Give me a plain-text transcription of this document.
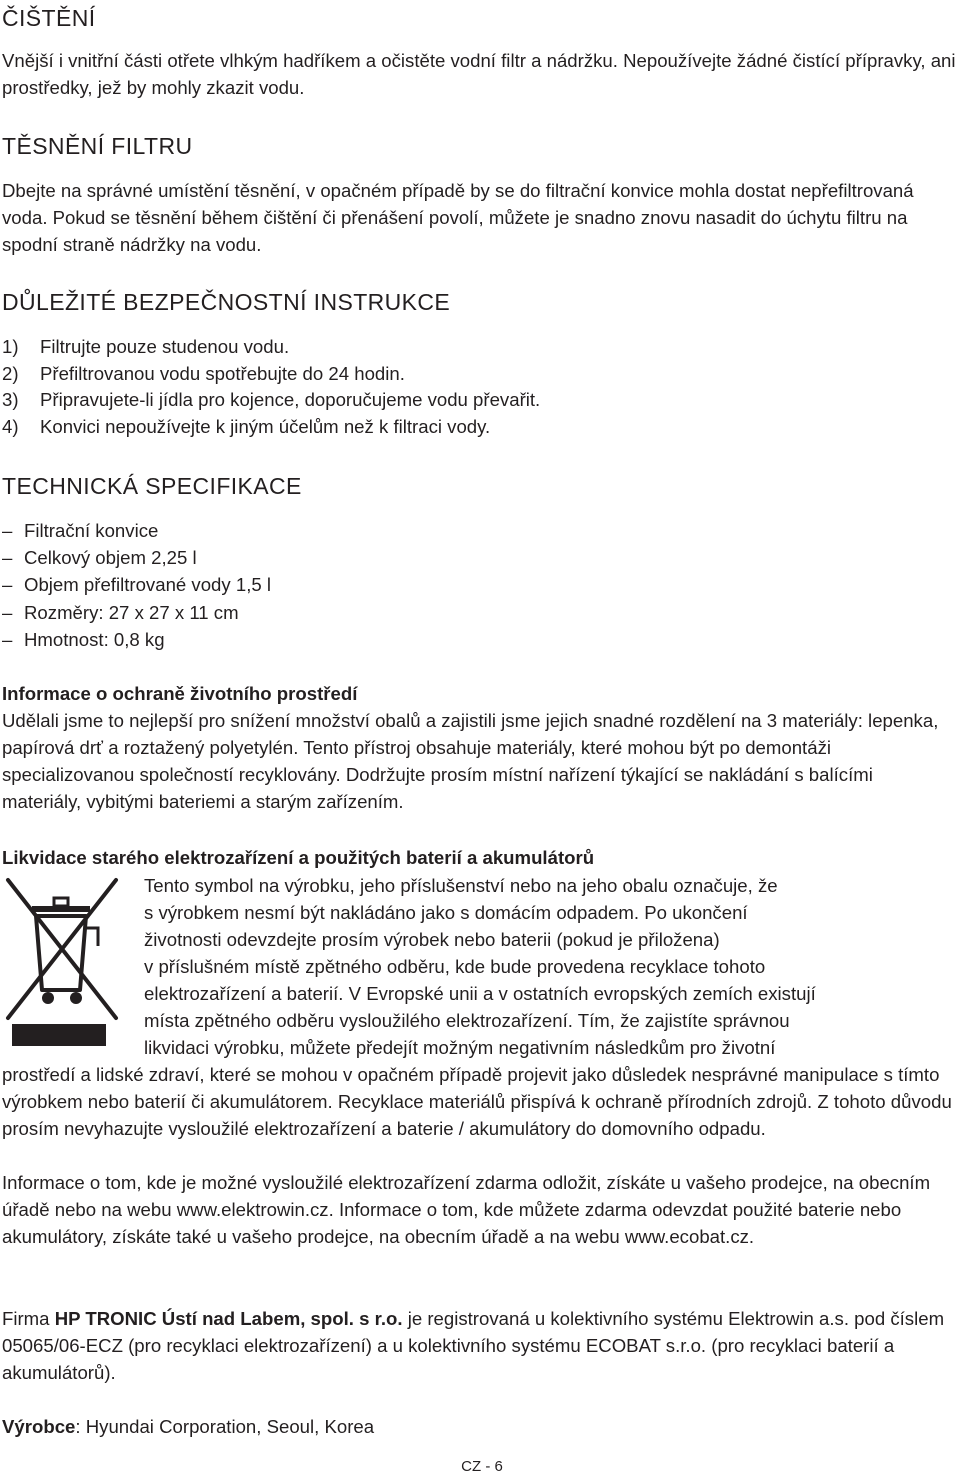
ČIŠTĚNÍ

Vnější i vnitřní části otřete vlhkým hadříkem a očistěte vodní filtr a nádržku. Nepoužívejte žádné čistící přípravky, ani prostředky, jež by mohly zkazit vodu.

TĚSNĚNÍ FILTRU

Dbejte na správné umístění těsnění, v opačném případě by se do filtrační konvice mohla dostat nepřefiltrovaná voda. Pokud se těsnění během čištění či přenášení povolí, můžete je snadno znovu nasadit do úchytu filtru na spodní straně nádržky na vodu.

DŮLEŽITÉ BEZPEČNOSTNÍ INSTRUKCE
1)	Filtrujte pouze studenou vodu.
2)	Přefiltrovanou vodu spotřebujte do 24 hodin.
3)	Připravujete-li jídla pro kojence, doporučujeme vodu převařit.
4)	Konvici nepoužívejte k jiným účelům než k filtraci vody.
TECHNICKÁ SPECIFIKACE
– Filtrační konvice
– Celkový objem 2,25 l
– Objem přefiltrované vody 1,5 l
– Rozměry: 27 x 27 x 11 cm
– Hmotnost: 0,8 kg

Informace o ochraně životního prostředí

Udělali jsme to nejlepší pro snížení množství obalů a zajistili jsme jejich snadné rozdělení na 3 materiály: lepenka, papírová drť a roztažený polyetylén. Tento přístroj obsahuje materiály, které mohou být po demontáži specializovanou společností recyklovány. Dodržujte prosím místní nařízení týkající se nakládání s balícími materiály, vybitými bateriemi a starým zařízením.

Likvidace starého elektrozařízení a použitých baterií a akumulátorů

Tento symbol na výrobku, jeho příslušenství nebo na jeho obalu označuje, že
s výrobkem nesmí být nakládáno jako s domácím odpadem. Po ukončení
životnosti odevzdejte prosím výrobek nebo baterii (pokud je přiložena)
v příslušném místě zpětného odběru, kde bude provedena recyklace tohoto
elektrozařízení a baterií. V Evropské unii a v ostatních evropských zemích existují
místa zpětného odběru vysloužilého elektrozařízení. Tím, že zajistíte správnou
likvidaci výrobku, můžete předejít možným negativním následkům pro životní

prostředí a lidské zdraví, které se mohou v opačném případě projevit jako důsledek nesprávné manipulace s tímto výrobkem nebo baterií či akumulátorem. Recyklace materiálů přispívá k ochraně přírodních zdrojů. Z tohoto důvodu prosím nevyhazujte vysloužilé elektrozařízení a baterie / akumulátory do domovního odpadu.

Informace o tom, kde je možné vysloužilé elektrozařízení zdarma odložit, získáte u vašeho prodejce, na obecním úřadě nebo na webu www.elektrowin.cz. Informace o tom, kde můžete zdarma odevzdat použité baterie nebo akumulátory, získáte také u vašeho prodejce, na obecním úřadě a na webu www.ecobat.cz.

Firma HP TRONIC Ústí nad Labem, spol. s r.o. je registrovaná u kolektivního systému Elektrowin a.s. pod číslem 05065/06-ECZ (pro recyklaci elektrozařízení) a u kolektivního systému ECOBAT s.r.o. (pro recyklaci baterií a akumulátorů).

Výrobce: Hyundai Corporation, Seoul, Korea

CZ - 6
